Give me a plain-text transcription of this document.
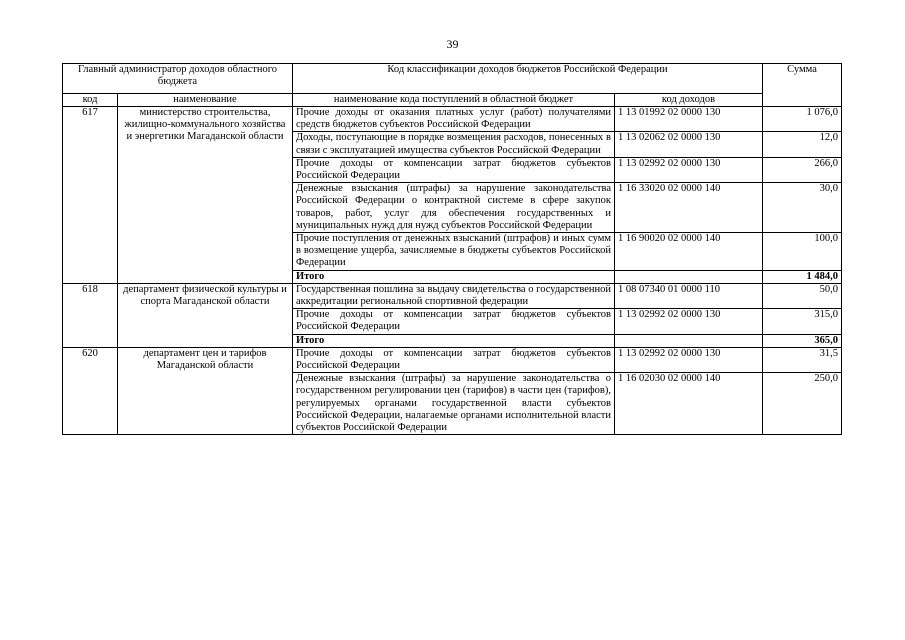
39
Главный администратор доходов областного бюджета		Код классификации доходов бюджетов Российской Федерации		Сумма
код	наименование	наименование кода поступлений в областной бюджет	код доходов	
617	министерство строительства, жилищно-коммунального хозяйства и энергетики Магаданской области	Прочие доходы от оказания платных услуг (работ) получателями средств бюджетов субъектов Российской Федерации	1 13 01992 02 0000 130	1 076,0
		Доходы, поступающие в порядке возмещения расходов, понесенных в связи с эксплуатацией имущества субъектов Российской Федерации	1 13 02062 02 0000 130	12,0
		Прочие доходы от компенсации затрат бюджетов субъектов Российской Федерации	1 13 02992 02 0000 130	266,0
		Денежные взыскания (штрафы) за нарушение законодательства Российской Федерации о контрактной системе в сфере закупок товаров, работ, услуг для обеспечения государственных и муниципальных нужд для нужд субъектов Российской Федерации	1 16 33020 02 0000 140	30,0
		Прочие поступления от денежных взысканий (штрафов) и иных сумм в возмещение ущерба, зачисляемые в бюджеты субъектов Российской Федерации	1 16 90020 02 0000 140	100,0
		Итого		1 484,0
618	департамент физической культуры и спорта Магаданской области	Государственная пошлина за выдачу свидетельства о государственной аккредитации региональной спортивной федерации	1 08 07340 01 0000 110	50,0
		Прочие доходы от компенсации затрат бюджетов субъектов Российской Федерации	1 13 02992 02 0000 130	315,0
		Итого		365,0
620	департамент цен и тарифов Магаданской области	Прочие доходы от компенсации затрат бюджетов субъектов Российской Федерации	1 13 02992 02 0000 130	31,5
		Денежные взыскания (штрафы) за нарушение законодательства о государственном регулировании цен (тарифов) в части цен (тарифов), регулируемых органами государственной власти субъектов Российской Федерации, налагаемые органами исполнительной власти субъектов Российской Федерации	1 16 02030 02 0000 140	250,0
